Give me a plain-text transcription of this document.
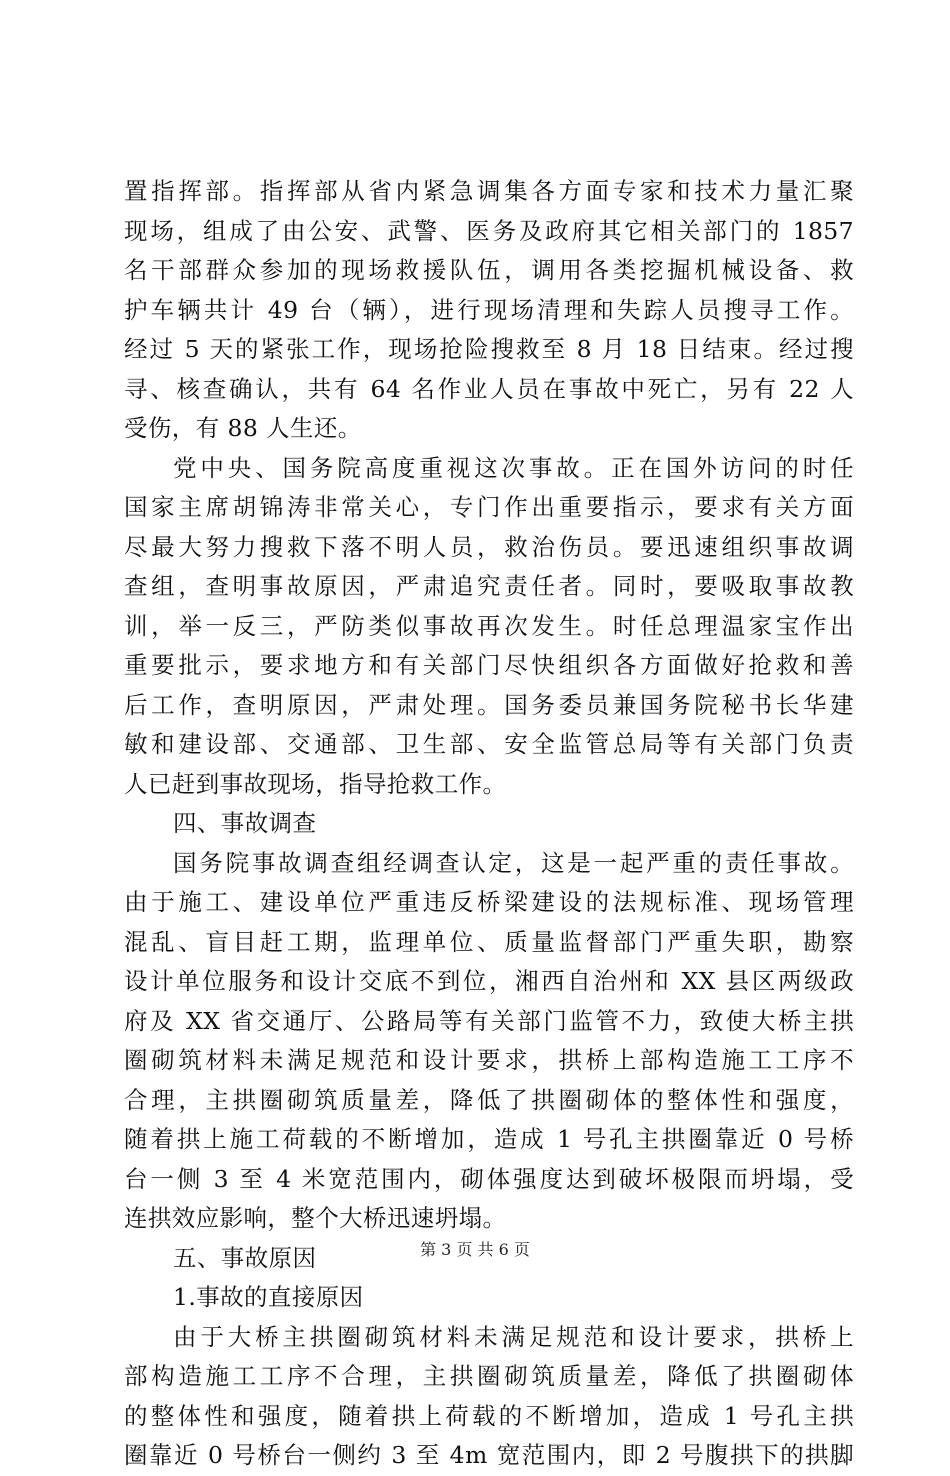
置指挥部。指挥部从省内紧急调集各方面专家和技术力量汇聚
现场，组成了由公安、武警、医务及政府其它相关部门的 1857
名干部群众参加的现场救援队伍，调用各类挖掘机械设备、救
护车辆共计 49 台（辆），进行现场清理和失踪人员搜寻工作。
经过 5 天的紧张工作，现场抢险搜救至 8 月 18 日结束。经过搜
寻、核查确认，共有 64 名作业人员在事故中死亡，另有 22 人
受伤，有 88 人生还。
党中央、国务院高度重视这次事故。正在国外访问的时任
国家主席胡锦涛非常关心，专门作出重要指示，要求有关方面
尽最大努力搜救下落不明人员，救治伤员。要迅速组织事故调
查组，查明事故原因，严肃追究责任者。同时，要吸取事故教
训，举一反三，严防类似事故再次发生。时任总理温家宝作出
重要批示，要求地方和有关部门尽快组织各方面做好抢救和善
后工作，查明原因，严肃处理。国务委员兼国务院秘书长华建
敏和建设部、交通部、卫生部、安全监管总局等有关部门负责
人已赶到事故现场，指导抢救工作。
四、事故调查
国务院事故调查组经调查认定，这是一起严重的责任事故。
由于施工、建设单位严重违反桥梁建设的法规标准、现场管理
混乱、盲目赶工期，监理单位、质量监督部门严重失职，勘察
设计单位服务和设计交底不到位，湘西自治州和 XX 县区两级政
府及 XX 省交通厅、公路局等有关部门监管不力，致使大桥主拱
圈砌筑材料未满足规范和设计要求，拱桥上部构造施工工序不
合理，主拱圈砌筑质量差，降低了拱圈砌体的整体性和强度，
随着拱上施工荷载的不断增加，造成 1 号孔主拱圈靠近 0 号桥
台一侧 3 至 4 米宽范围内，砌体强度达到破坏极限而坍塌，受
连拱效应影响，整个大桥迅速坍塌。
五、事故原因
1.事故的直接原因
由于大桥主拱圈砌筑材料未满足规范和设计要求，拱桥上
部构造施工工序不合理，主拱圈砌筑质量差，降低了拱圈砌体
的整体性和强度，随着拱上荷载的不断增加，造成 1 号孔主拱
圈靠近 0 号桥台一侧约 3 至 4m 宽范围内，即 2 号腹拱下的拱脚
第 3 页 共 6 页
